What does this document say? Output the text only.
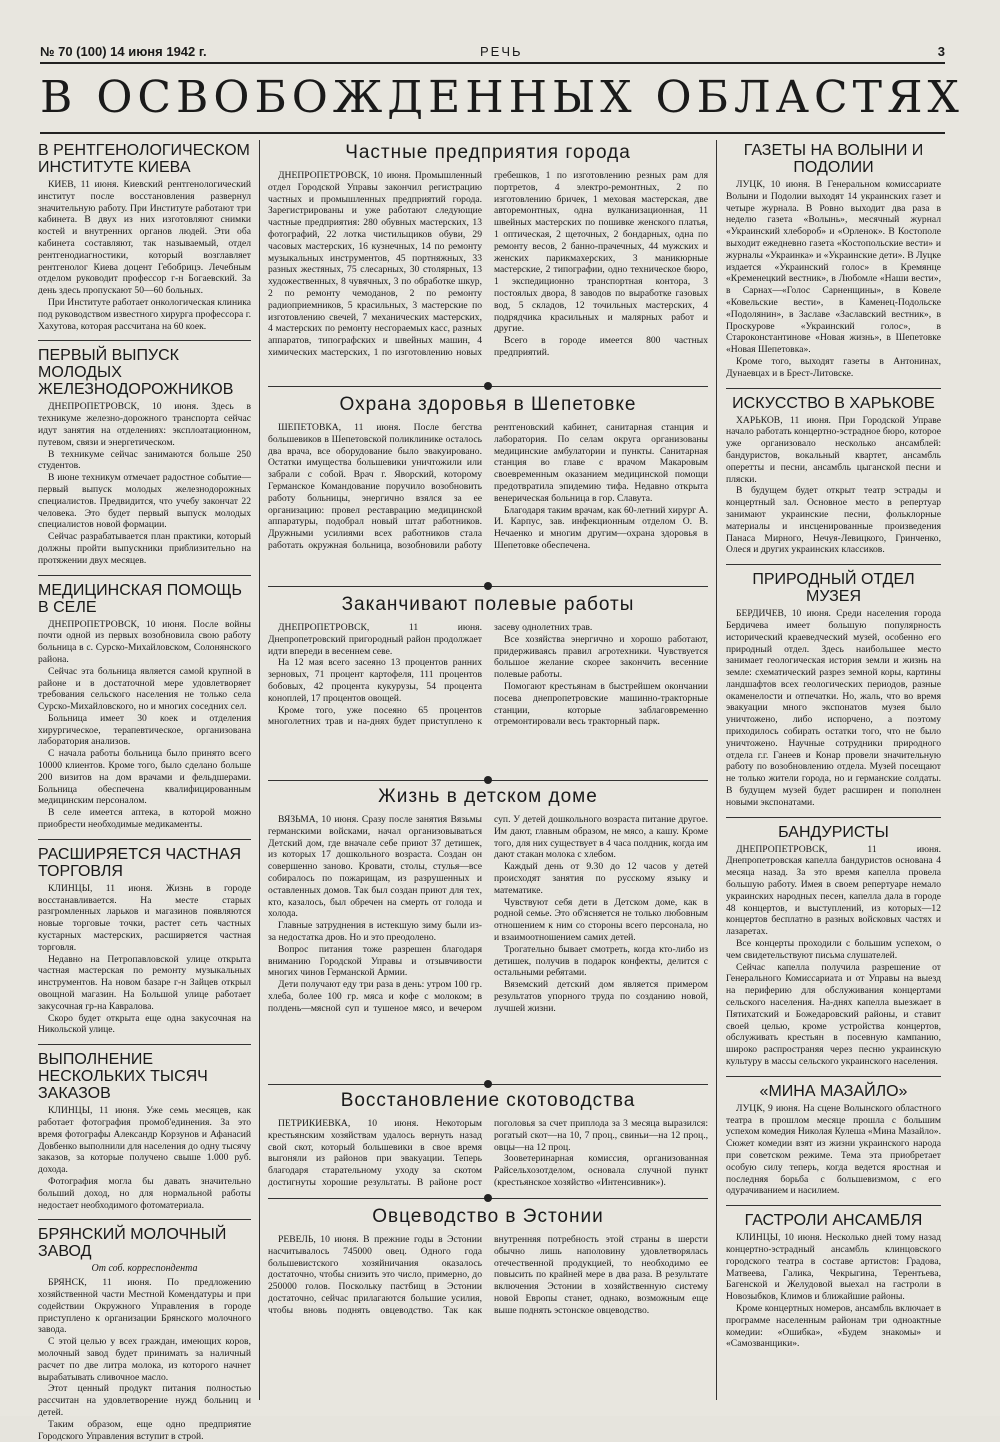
№ 70 (100) 14 июня 1942 г.	РЕЧЬ	3
В ОСВОБОЖДЕННЫХ ОБЛАСТЯХ
В РЕНТГЕНОЛОГИЧЕСКОМ ИНСТИТУТЕ КИЕВА

КИЕВ, 11 июня. Киевский рентгенологический институт после восстановления развернул значительную работу. При Институте работают три кабинета. В двух из них изготовляют снимки костей и внутренних органов людей. Эти оба кабинета составляют, так называемый, отдел рентгенодиагностики, который возглавляет рентгенолог Киева доцент Гебобрицэ. Лечебным отделом руководит профессор г-н Богаевский. За день здесь пропускают 50—60 больных.

При Институте работает онкологическая клиника под руководством известного хирурга профессора г. Хахутова, которая рассчитана на 60 коек.

ПЕРВЫЙ ВЫПУСК МОЛОДЫХ ЖЕЛЕЗНОДОРОЖНИКОВ

ДНЕПРОПЕТРОВСК, 10 июня. Здесь в техникуме железно-дорожного транспорта сейчас идут занятия на отделениях: эксплоатационном, путевом, связи и энергетическом.

В техникуме сейчас занимаются больше 250 студентов.

В июне техникум отмечает радостное событие—первый выпуск молодых железнодорожных специалистов. Предвидится, что учебу закончат 22 человека. Это будет первый выпуск молодых специалистов новой формации.

Сейчас разрабатывается план практики, который должны пройти выпускники приблизительно на протяжении двух месяцев.

МЕДИЦИНСКАЯ ПОМОЩЬ В СЕЛЕ

ДНЕПРОПЕТРОВСК, 10 июня. После войны почти одной из первых возобновила свою работу больница в с. Сурско-Михайловском, Солонянского района.

Сейчас эта больница является самой крупной в районе и в достаточной мере удовлетворяет требования сельского населения не только села Сурско-Михайловского, но и многих соседних сел.

Больница имеет 30 коек и отделения хирургическое, терапевтическое, организована лаборатория анализов.

С начала работы больница было принято всего 10000 клиентов. Кроме того, было сделано больше 200 визитов на дом врачами и фельдшерами. Больница обеспечена квалифицированным медицинским персоналом.

В селе имеется аптека, в которой можно приобрести необходимые медикаменты.

РАСШИРЯЕТСЯ ЧАСТНАЯ ТОРГОВЛЯ

КЛИНЦЫ, 11 июня. Жизнь в городе восстанавливается. На месте старых разгромленных ларьков и магазинов появляются новые торговые точки, растет сеть частных кустарных мастерских, расширяется частная торговля.

Недавно на Петропавловской улице открыта частная мастерская по ремонту музыкальных инструментов. На новом базаре г-н Зайцев открыл овощной магазин. На Большой улице работает закусочная гр-на Кавралова.

Скоро будет открыта еще одна закусочная на Никольской улице.

ВЫПОЛНЕНИЕ НЕСКОЛЬКИХ ТЫСЯЧ ЗАКАЗОВ

КЛИНЦЫ, 11 июня. Уже семь месяцев, как работает фотография промоб'единения. За это время фотографы Александр Корзунов и Афанасий Довбенко выполнили для населения до одну тысячу заказов, за которые получено свыше 1.000 руб. дохода.

Фотография могла бы давать значительно больший доход, но для нормальной работы недостает необходимого фотоматериала.

БРЯНСКИЙ МОЛОЧНЫЙ ЗАВОД

От соб. корреспондента

БРЯНСК, 11 июня. По предложению хозяйственной части Местной Комендатуры и при содействии Окружного Управления в городе приступлено к организации Брянского молочного завода.

С этой целью у всех граждан, имеющих коров, молочный завод будет принимать за наличный расчет по две литра молока, из которого начнет вырабатывать сливочное масло.

Этот ценный продукт питания полностью рассчитан на удовлетворение нужд больниц и детей.

Таким образом, еще одно предприятие Городского Управления вступит в строй.

Частные предприятия города

ДНЕПРОПЕТРОВСК, 10 июня. Промышленный отдел Городской Управы закончил регистрацию частных и промышленных предприятий города. Зарегистрированы и уже работают следующие частные предприятия: 280 обувных мастерских, 13 фотографий, 22 лотка чистильщиков обуви, 29 часовых мастерских, 16 кузнечных, 14 по ремонту музыкальных инструментов, 45 портняжных, 33 разных жестяных, 75 слесарных, 30 столярных, 13 художественных, 8 чувячных, 3 по обработке шкур, 2 по ремонту чемоданов, 2 по ремонту радиоприемников, 5 красильных, 3 мастерские по изготовлению свечей, 7 механических мастерских, 4 мастерских по ремонту несгораемых касс, разных аппаратов, типографских и швейных машин, 4 химических мастерских, 1 по изготовлению новых гребешков, 1 по изготовлению резных рам для портретов, 4 электро-ремонтных, 2 по изготовлению бричек, 1 меховая мастерская, две авторемонтных, одна вулканизационная, 11 швейных мастерских по пошивке женского платья, 1 оптическая, 2 щеточных, 2 бондарных, одна по ремонту весов, 2 банно-прачечных, 44 мужских и женских парикмахерских, 3 маникюрные мастерские, 2 типографии, одно техническое бюро, 1 экспедиционно транспортная контора, 3 постоялых двора, 8 заводов по выработке газовых вод, 5 складов, 12 точильных мастерских, 4 подрядчика красильных и малярных работ и другие.

Всего в городе имеется 800 частных предприятий.

Охрана здоровья в Шепетовке

ШЕПЕТОВКА, 11 июня. После бегства большевиков в Шепетовской поликлинике осталось два врача, все оборудование было эвакуировано. Остатки имущества большевики уничтожили или забрали с собой. Врач г. Яворский, которому Германское Командование поручило возобновить работу больницы, энергично взялся за ее организацию: провел реставрацию медицинской аппаратуры, подобрал новый штат работников. Дружными усилиями всех работников стала работать окружная больница, возобновили работу рентгеновский кабинет, санитарная станция и лаборатория. По селам округа организованы медицинские амбулатории и пункты. Санитарная станция во главе с врачом Макаровым своевременным оказанием медицинской помощи предотвратила эпидемию тифа. Недавно открыта венерическая больница в гор. Славута.

Благодаря таким врачам, как 60-летний хирург А. И. Карпус, зав. инфекционным отделом О. В. Нечаенко и многим другим—охрана здоровья в Шепетовке обеспечена.

Заканчивают полевые работы

ДНЕПРОПЕТРОВСК, 11 июня. Днепропетровский пригородный район продолжает идти впереди в весеннем севе.

На 12 мая всего засеяно 13 процентов ранних зерновых, 71 процент картофеля, 111 процентов бобовых, 42 процента кукурузы, 54 процента коноплей, 17 процентов овощей.

Кроме того, уже посеяно 65 процентов многолетних трав и на-днях будет приступлено к засеву однолетних трав.

Все хозяйства энергично и хорошо работают, придерживаясь правил агротехники. Чувствуется большое желание скорее закончить весенние полевые работы.

Помогают крестьянам в быстрейшем окончании посева днепропетровские машинно-тракторные станции, которые заблаговременно отремонтировали весь тракторный парк.

Жизнь в детском доме

ВЯЗЬМА, 10 июня. Сразу после занятия Вязьмы германскими войсками, начал организовываться Детский дом, где вначале себе приют 37 детишек, из которых 17 дошкольного возраста. Создан он совершенно заново. Кровати, столы, стулья—все собиралось по пожарищам, из разрушенных и оставленных домов. Так был создан приют для тех, кто, казалось, был обречен на смерть от голода и холода.

Главные затруднения в истекшую зиму были из-за недостатка дров. Но и это преодолено.

Вопрос питания тоже разрешен благодаря вниманию Городской Управы и отзывчивости многих чинов Германской Армии.

Дети получают еду три раза в день: утром 100 гр. хлеба, более 100 гр. мяса и кофе с молоком; в полдень—мясной суп и тушеное мясо, и вечером суп. У детей дошкольного возраста питание другое. Им дают, главным образом, не мясо, а кашу. Кроме того, для них существует в 4 часа полдник, когда им дают стакан молока с хлебом.

Каждый день от 9.30 до 12 часов у детей происходят занятия по русскому языку и математике.

Чувствуют себя дети в Детском доме, как в родной семье. Это об'ясняется не только любовным отношением к ним со стороны всего персонала, но и взаимоотношением самих детей.

Трогательно бывает смотреть, когда кто-либо из детишек, получив в подарок конфекты, делится с остальными ребятами.

Вяземский детский дом является примером результатов упорного труда по созданию новой, лучшей жизни.

Восстановление скотоводства

ПЕТРИКИЕВКА, 10 июня. Некоторым крестьянским хозяйствам удалось вернуть назад свой скот, который большевики в свое время выгоняли из районов при эвакуации. Теперь благодаря старательному уходу за скотом достигнуты хорошие результаты. В районе рост поголовья за счет приплода за 3 месяца выразился: рогатый скот—на 10, 7 проц., свиньи—на 12 проц., овцы—на 12 проц.

Зооветеринарная комиссия, организованная Райсельхозотделом, основала случной пункт (крестьянское хозяйство «Интенсивник»).

Овцеводство в Эстонии

РЕВЕЛЬ, 10 июня. В прежние годы в Эстонии насчитывалось 745000 овец. Одного года большевистского хозяйничания оказалось достаточно, чтобы снизить это число, примерно, до 250000 голов. Поскольку пастбищ в Эстонии достаточно, сейчас прилагаются большие усилия, чтобы вновь поднять овцеводство. Так как внутренняя потребность этой страны в шерсти обычно лишь наполовину удовлетворялась отечественной продукцией, то необходимо ее повысить по крайней мере в два раза. В результате включения Эстонии в хозяйственную систему новой Европы станет, однако, возможным еще выше поднять эстонское овцеводство.

ГАЗЕТЫ НА ВОЛЫНИ И ПОДОЛИИ

ЛУЦК, 10 июня. В Генеральном комиссариате Волыни и Подолии выходят 14 украинских газет и четыре журнала. В Ровно выходит два раза в неделю газета «Волынь», месячный журнал «Украинский хлебороб» и «Орленок». В Костополе выходит ежедневно газета «Костопольские вести» и журналы «Украинка» и «Украинские дети». В Луцке издается «Украинский голос» в Кремянце «Кременецкий вестник», в Любомле «Наши вести», в Сарнах—«Голос Сарненщины», в Ковеле «Ковельские вести», в Каменец-Подольске «Подолянин», в Заславе «Заславский вестник», в Проскурове «Украинский голос», в Староконстантинове «Новая жизнь», в Шепетовке «Новая Шепетовка».

Кроме того, выходят газеты в Антонинах, Дунаевцах и в Брест-Литовске.

ИСКУССТВО В ХАРЬКОВЕ

ХАРЬКОВ, 11 июня. При Городской Управе начало работать концертно-эстрадное бюро, которое уже организовало несколько ансамблей: бандуристов, вокальный квартет, ансамбль оперетты и песни, ансамбль цыганской песни и пляски.

В будущем будет открыт театр эстрады и концертный зал. Основное место в репертуар занимают украинские песни, фольклорные материалы и инсценированные произведения Панаса Мирного, Нечуя-Левицкого, Гринченко, Олеся и других украинских классиков.

ПРИРОДНЫЙ ОТДЕЛ МУЗЕЯ

БЕРДИЧЕВ, 10 июня. Среди населения города Бердичева имеет большую популярность исторический краеведческий музей, особенно его природный отдел. Здесь наибольшее место занимает геологическая история земли и жизнь на земле: схематический разрез земной коры, картины ландшафтов всех геологических периодов, разные окаменелости и отпечатки. Но, жаль, что во время эвакуации много экспонатов музея было уничтожено, либо испорчено, а поэтому приходилось собирать остатки того, что не было уничтожено. Научные сотрудники природного отдела г.г. Ганеев и Конар провели значительную работу по возобновлению отдела. Музей посещают не только жители города, но и германские солдаты. В будущем музей будет расширен и пополнен новыми экспонатами.

БАНДУРИСТЫ

ДНЕПРОПЕТРОВСК, 11 июня. Днепропетровская капелла бандуристов основана 4 месяца назад. За это время капелла провела большую работу. Имея в своем репертуаре немало украинских народных песен, капелла дала в городе 48 концертов, и выступлений, из которых—12 концертов бесплатно в разных войсковых частях и лазаретах.

Все концерты проходили с большим успехом, о чем свидетельствуют письма слушателей.

Сейчас капелла получила разрешение от Генерального Комиссариата и от Управы на выезд на периферию для обслуживания концертами сельского населения. На-днях капелла выезжает в Пятихатский и Божедаровский районы, и ставит своей целью, кроме устройства концертов, обслуживать крестьян в посевную кампанию, широко распространяя через песню украинскую культуру в массы сельского украинского населения.

«МИНА МАЗАЙЛО»

ЛУЦК, 9 июня. На сцене Волынского областного театра в прошлом месяце прошла с большим успехом комедия Николая Кулеша «Мина Мазайло». Сюжет комедии взят из жизни украинского народа при советском режиме. Тема эта приобретает особую силу теперь, когда ведется яростная и последняя борьба с большевизмом, с его одурачиванием и насилием.

ГАСТРОЛИ АНСАМБЛЯ

КЛИНЦЫ, 10 июня. Несколько дней тому назад концертно-эстрадный ансамбль клинцовского городского театра в составе артистов: Градова, Матвеева, Галика, Чекрыгина, Терентьева, Багенской и Желудовой выехал на гастроли в Новозыбков, Климов и ближайшие районы.

Кроме концертных номеров, ансамбль включает в программе населенным районам три одноактные комедии: «Ошибка», «Будем знакомы» и «Самозванщики».
